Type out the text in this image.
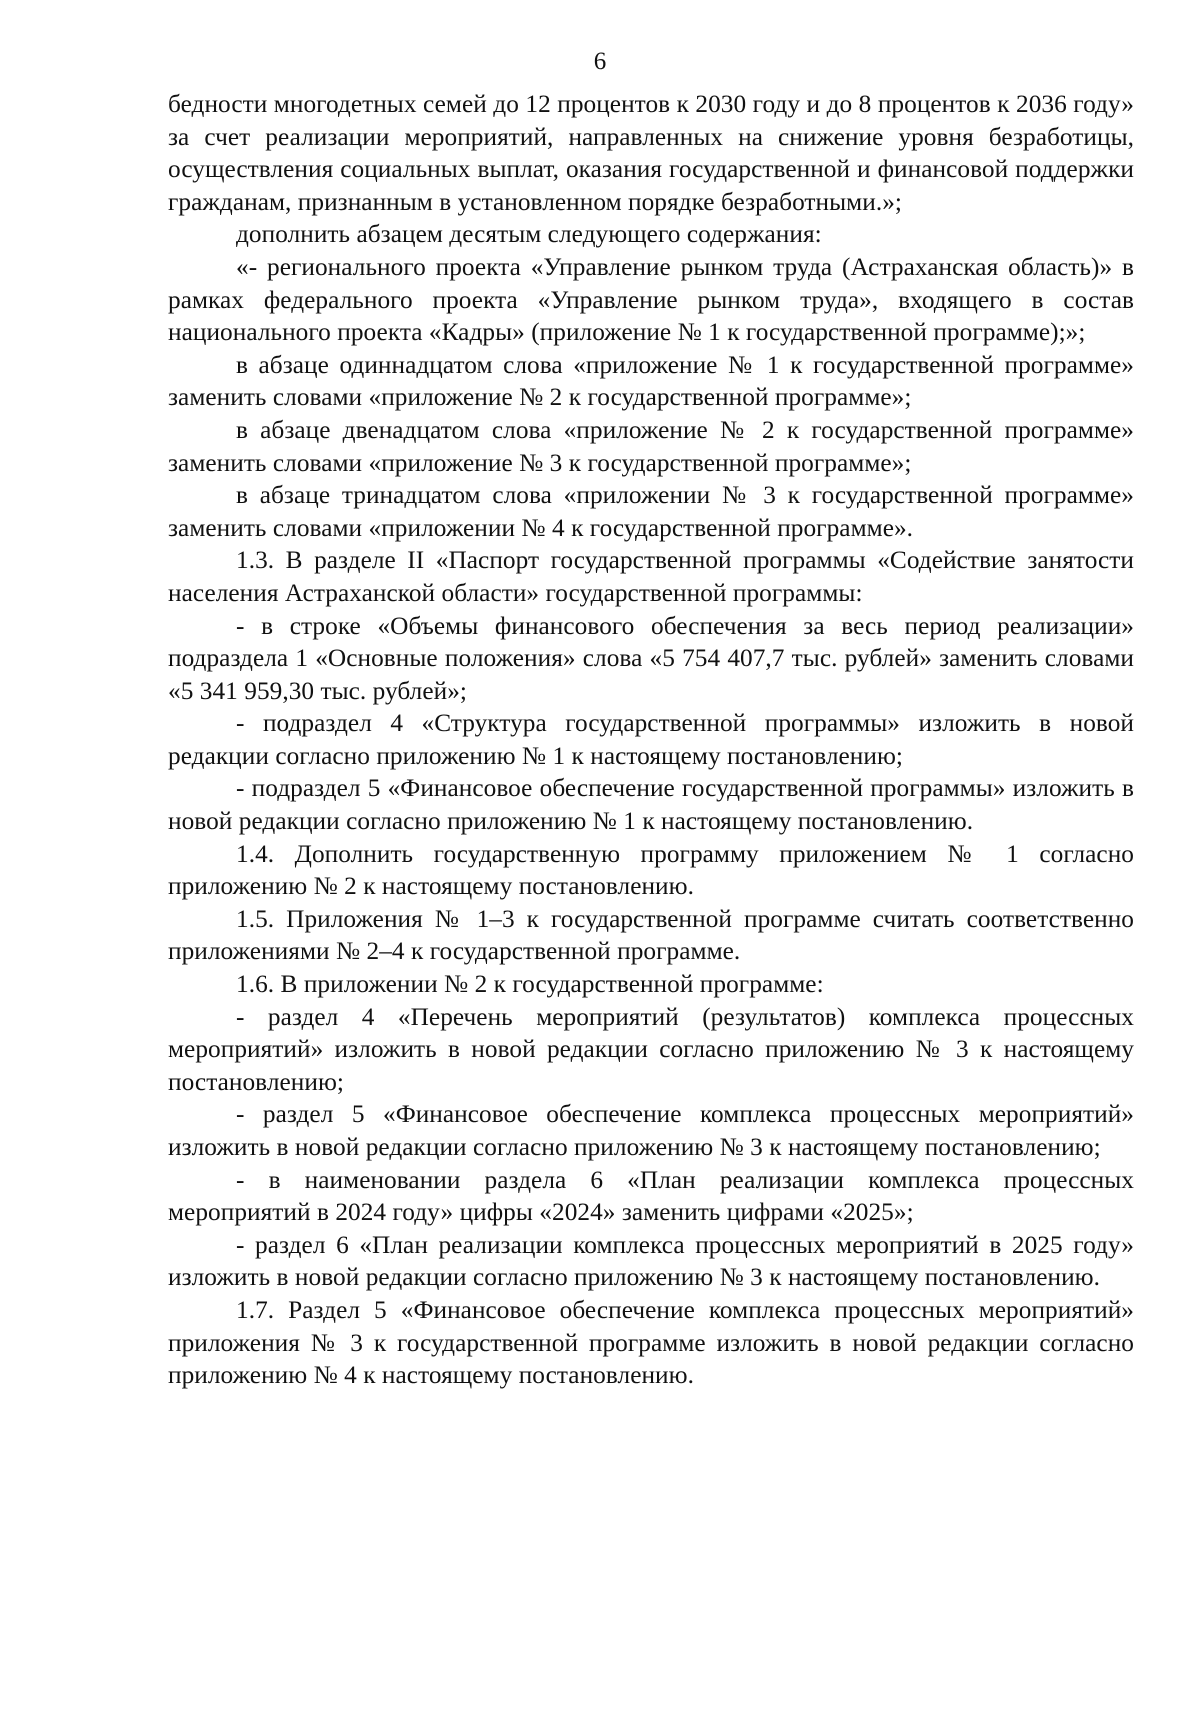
6

бедности многодетных семей до 12 процентов к 2030 году и до 8 процентов к 2036 году» за счет реализации мероприятий, направленных на снижение уровня безработицы, осуществления социальных выплат, оказания государственной и финансовой поддержки гражданам, признанным в установленном порядке безработными.»;

дополнить абзацем десятым следующего содержания:

«- регионального проекта «Управление рынком труда (Астраханская область)» в рамках федерального проекта «Управление рынком труда», входящего в состав национального проекта «Кадры» (приложение № 1 к государственной программе);»;

в абзаце одиннадцатом слова «приложение № 1 к государственной программе» заменить словами «приложение № 2 к государственной программе»;

в абзаце двенадцатом слова «приложение № 2 к государственной программе» заменить словами «приложение № 3 к государственной программе»;

в абзаце тринадцатом слова «приложении № 3 к государственной программе» заменить словами «приложении № 4 к государственной программе».

1.3. В разделе II «Паспорт государственной программы «Содействие занятости населения Астраханской области» государственной программы:

- в строке «Объемы финансового обеспечения за весь период реализации» подраздела 1 «Основные положения» слова «5 754 407,7 тыс. рублей» заменить словами «5 341 959,30 тыс. рублей»;

- подраздел 4 «Структура государственной программы» изложить в новой редакции согласно приложению № 1 к настоящему постановлению;

- подраздел 5 «Финансовое обеспечение государственной программы» изложить в новой редакции согласно приложению № 1 к настоящему постановлению.

1.4. Дополнить государственную программу приложением № 1 согласно приложению № 2 к настоящему постановлению.

1.5. Приложения № 1–3 к государственной программе считать соответственно приложениями № 2–4 к государственной программе.

1.6. В приложении № 2 к государственной программе:

- раздел 4 «Перечень мероприятий (результатов) комплекса процессных мероприятий» изложить в новой редакции согласно приложению № 3 к настоящему постановлению;

- раздел 5 «Финансовое обеспечение комплекса процессных мероприятий» изложить в новой редакции согласно приложению № 3 к настоящему постановлению;

- в наименовании раздела 6 «План реализации комплекса процессных мероприятий в 2024 году» цифры «2024» заменить цифрами «2025»;

- раздел 6 «План реализации комплекса процессных мероприятий в 2025 году» изложить в новой редакции согласно приложению № 3 к настоящему постановлению.

1.7. Раздел 5 «Финансовое обеспечение комплекса процессных мероприятий» приложения № 3 к государственной программе изложить в новой редакции согласно приложению № 4 к настоящему постановлению.
